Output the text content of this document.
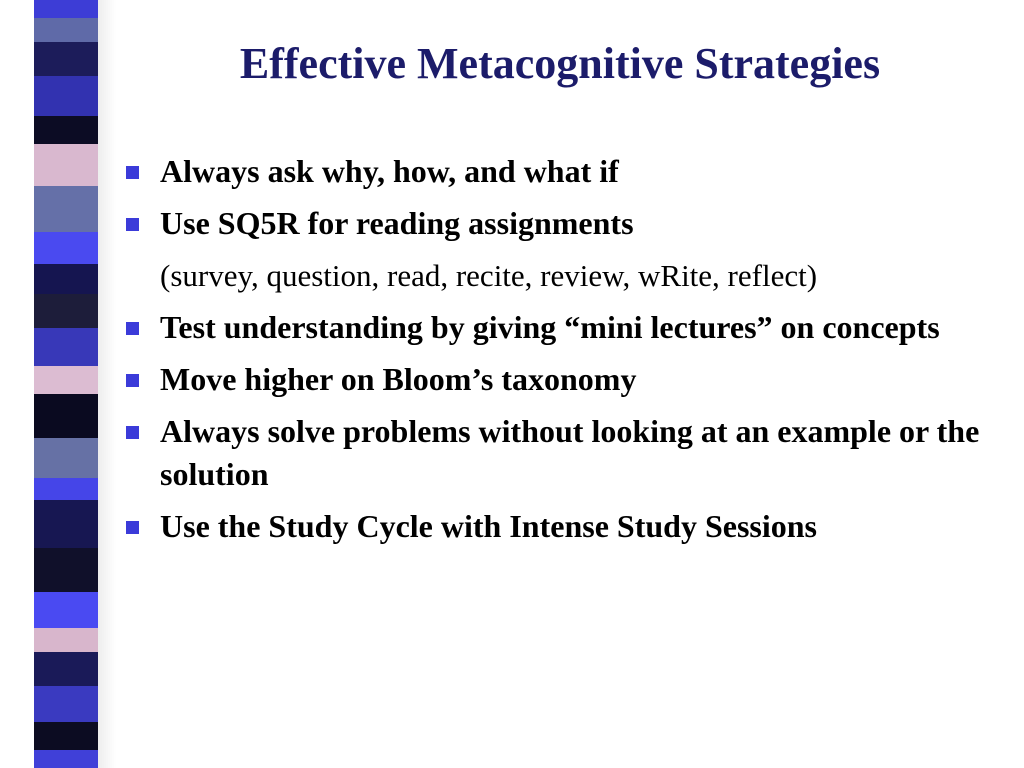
Effective Metacognitive Strategies
Always ask why, how, and what if
Use SQ5R for reading assignments
(survey, question, read, recite, review, wRite, reflect)
Test understanding by giving “mini lectures” on concepts
Move higher on Bloom’s taxonomy
Always solve problems without looking at an example or the solution
Use the Study Cycle with Intense Study Sessions
